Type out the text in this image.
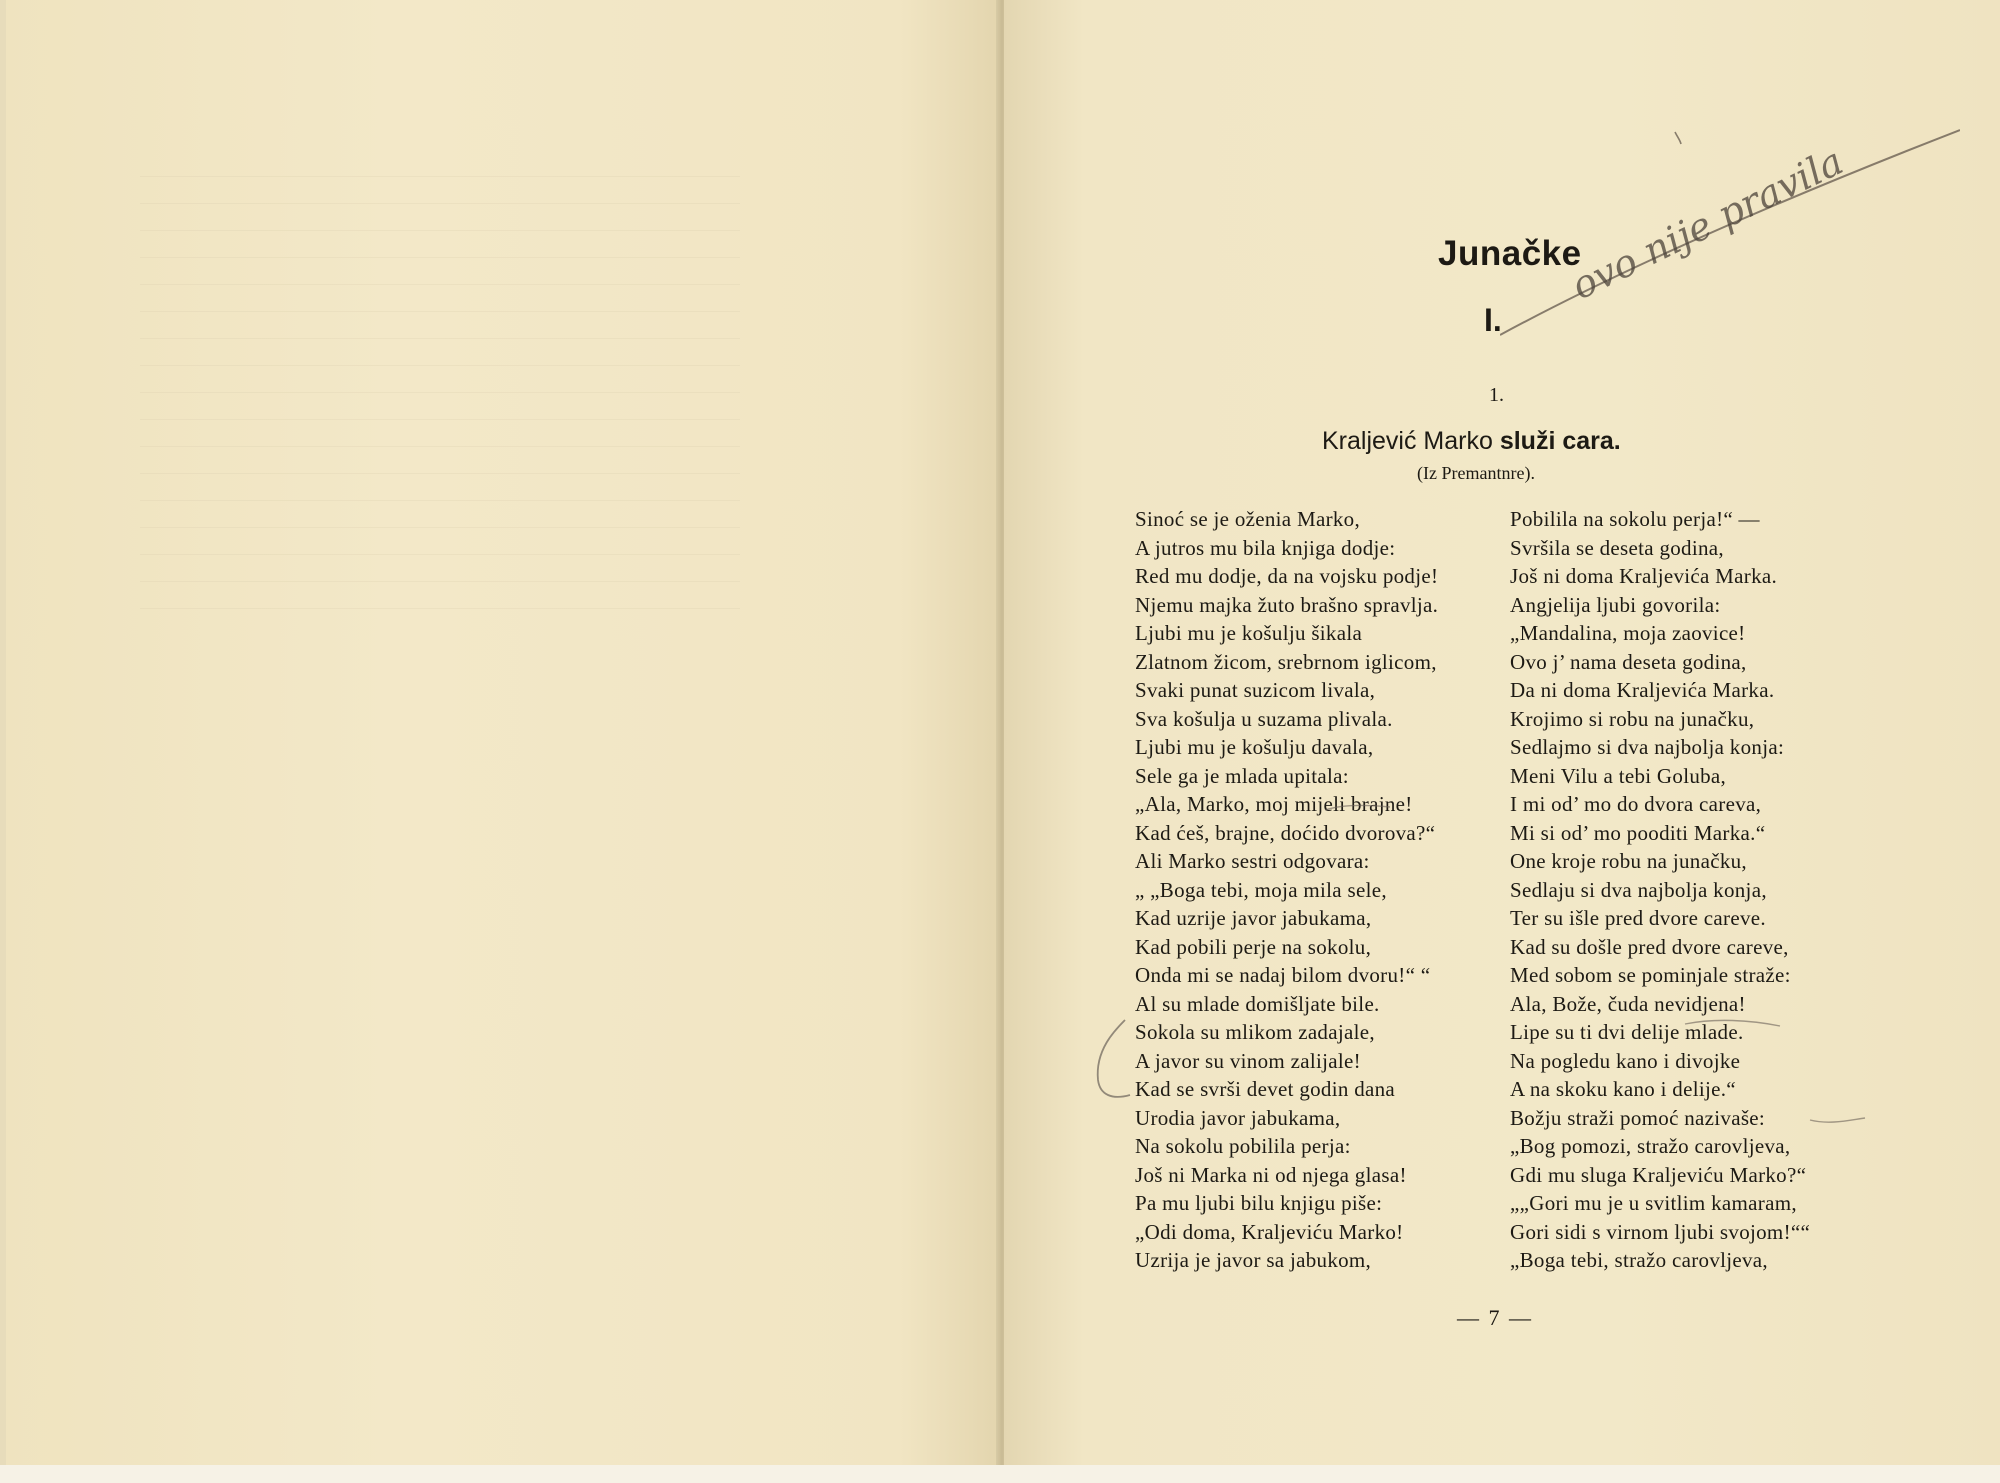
Junačke
I.
1.
Kraljević Marko služi cara.
(Iz Premantnre).
Sinoć se je oženia Marko,
A jutros mu bila knjiga dodje:
Red mu dodje, da na vojsku podje!
Njemu majka žuto brašno spravlja.
Ljubi mu je košulju šikala
Zlatnom žicom, srebrnom iglicom,
Svaki punat suzicom livala,
Sva košulja u suzama plivala.
Ljubi mu je košulju davala,
Sele ga je mlada upitala:
„Ala, Marko, moj mijeli brajne!
Kad ćeš, brajne, doćido dvorova?“
Ali Marko sestri odgovara:
„ „Boga tebi, moja mila sele,
Kad uzrije javor jabukama,
Kad pobili perje na sokolu,
Onda mi se nadaj bilom dvoru!“ “
Al su mlade domišljate bile.
Sokola su mlikom zadajale,
A javor su vinom zalijale!
Kad se svrši devet godin dana
Urodia javor jabukama,
Na sokolu pobilila perja:
Još ni Marka ni od njega glasa!
Pa mu ljubi bilu knjigu piše:
„Odi doma, Kraljeviću Marko!
Uzrija je javor sa jabukom,
Pobilila na sokolu perja!“ —
Svršila se deseta godina,
Još ni doma Kraljevića Marka.
Angjelija ljubi govorila:
„Mandalina, moja zaovice!
Ovo j’ nama deseta godina,
Da ni doma Kraljevića Marka.
Krojimo si robu na junačku,
Sedlajmo si dva najbolja konja:
Meni Vilu a tebi Goluba,
I mi od’ mo do dvora careva,
Mi si od’ mo pooditi Marka.“
One kroje robu na junačku,
Sedlaju si dva najbolja konja,
Ter su išle pred dvore careve.
Kad su došle pred dvore careve,
Med sobom se pominjale straže:
Ala, Bože, čuda nevidjena!
Lipe su ti dvi delije mlade.
Na pogledu kano i divojke
A na skoku kano i delije.“
Božju straži pomoć nazivaše:
„Bog pomozi, stražo carovljeva,
Gdi mu sluga Kraljeviću Marko?“
„„Gori mu je u svitlim kamaram,
Gori sidi s virnom ljubi svojom!““
„Boga tebi, stražo carovljeva,
— 7 —
ovo nije pravila
